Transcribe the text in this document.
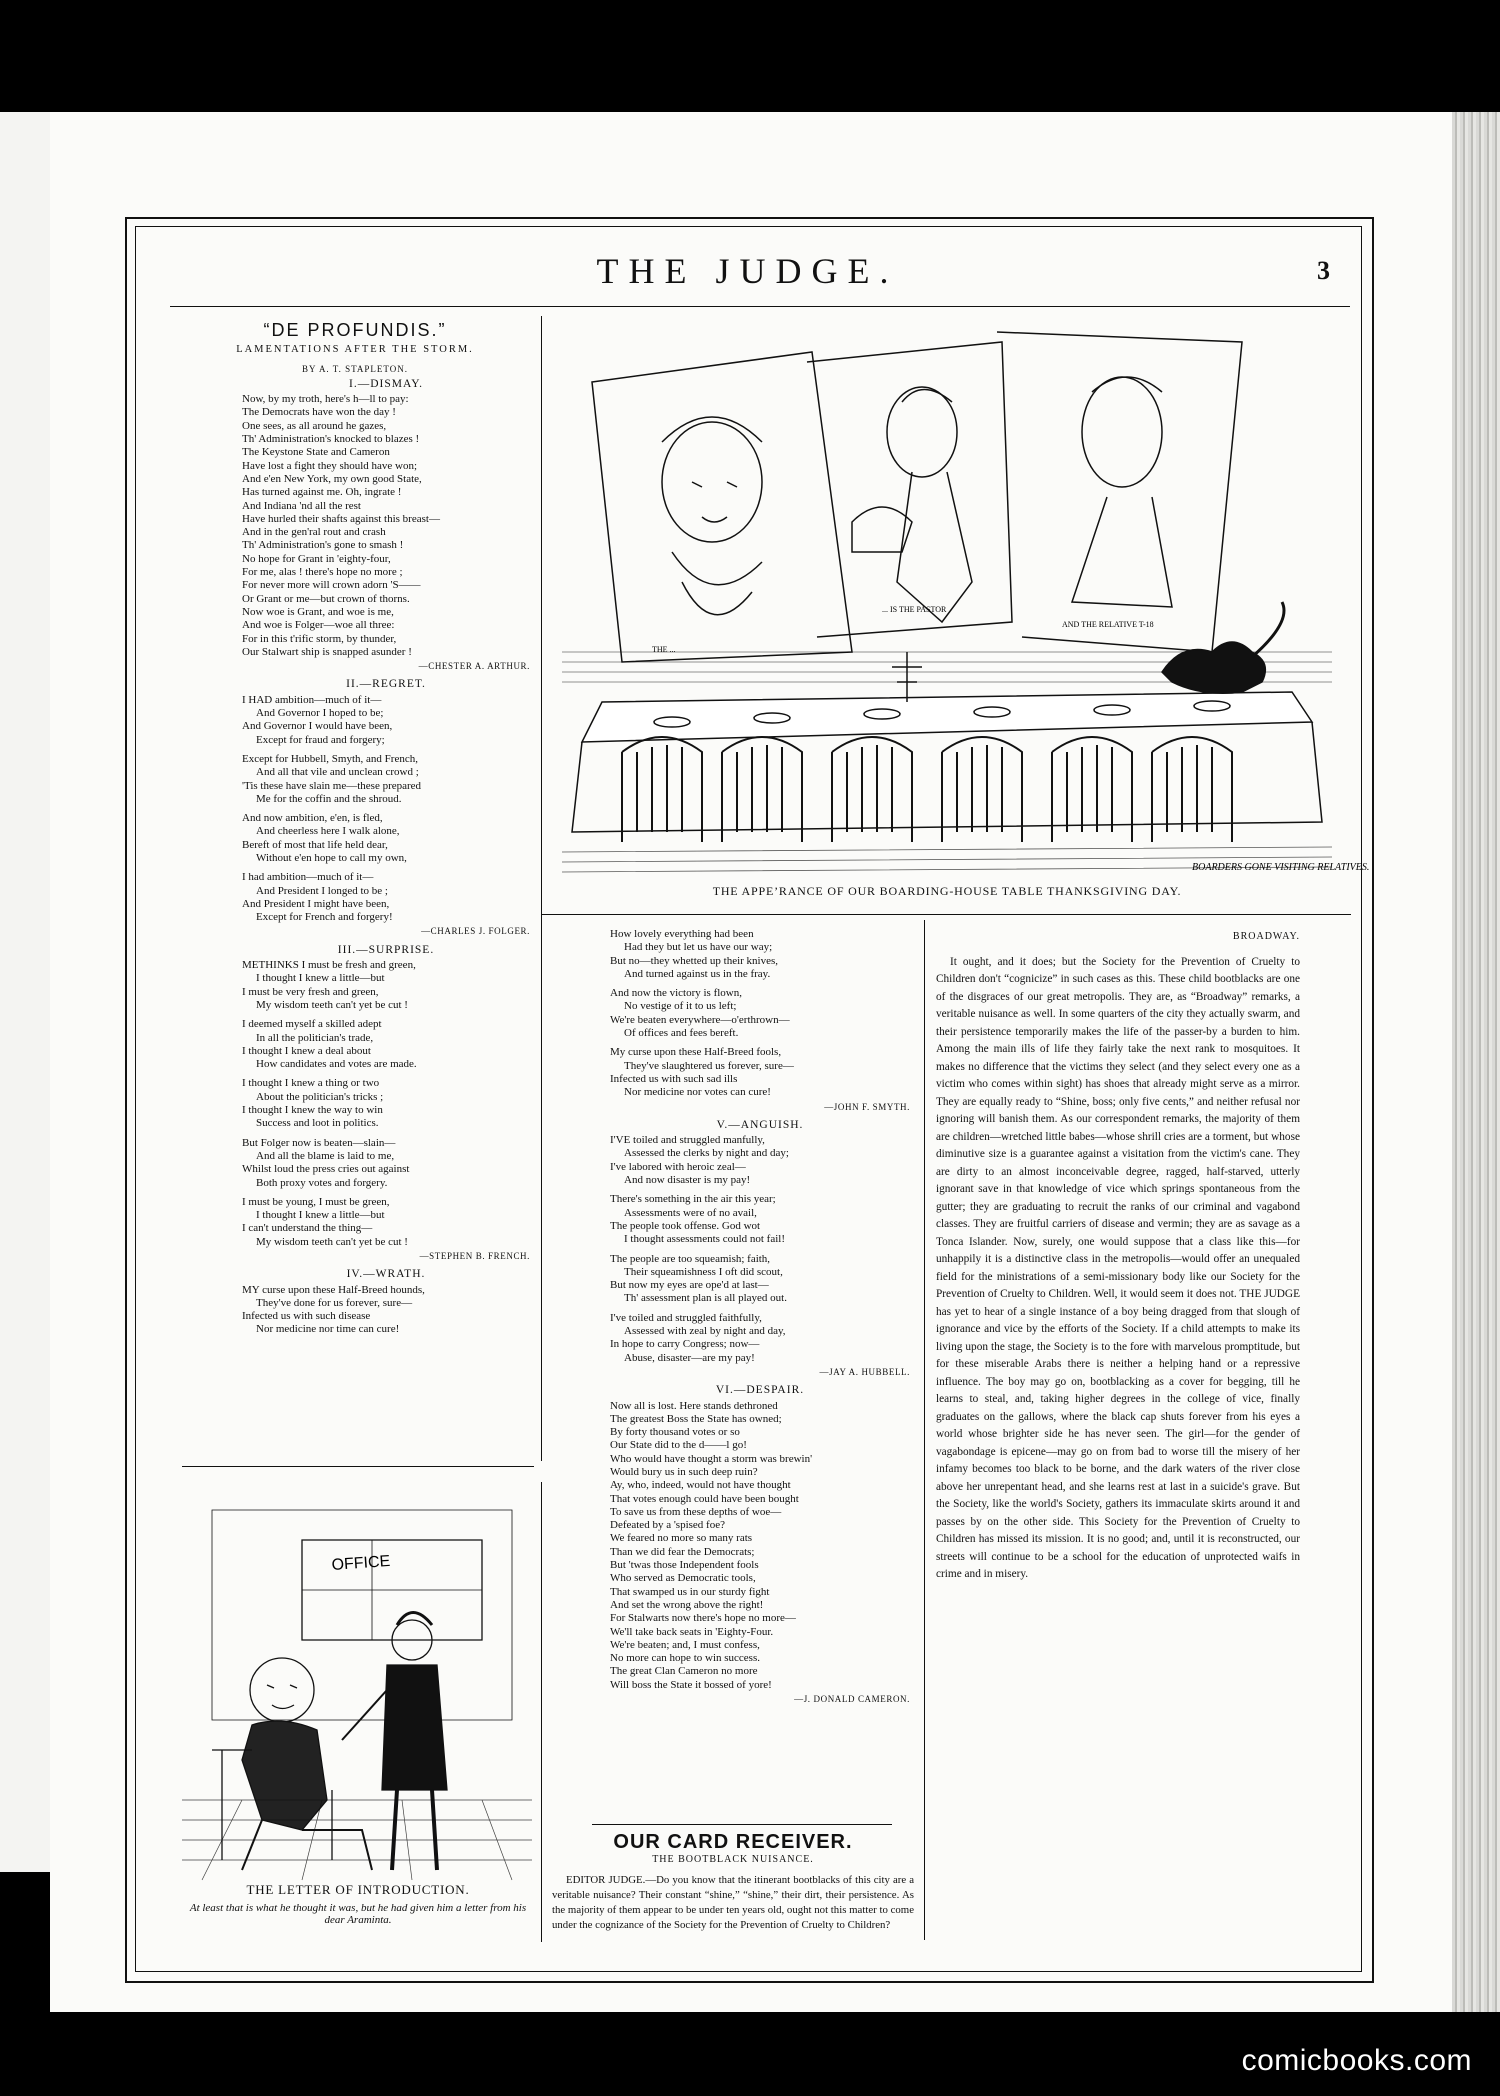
THE JUDGE.	3
“DE PROFUNDIS.”
LAMENTATIONS AFTER THE STORM.
BY A. T. STAPLETON.
I.—DISMAY.
Now, by my troth, here's h—ll to pay:
The Democrats have won the day !
One sees, as all around he gazes,
Th' Administration's knocked to blazes !
The Keystone State and Cameron
Have lost a fight they should have won;
And e'en New York, my own good State,
Has turned against me. Oh, ingrate !
And Indiana 'nd all the rest
Have hurled their shafts against this breast—
And in the gen'ral rout and crash
Th' Administration's gone to smash !
No hope for Grant in 'eighty-four,
For me, alas ! there's hope no more ;
For never more will crown adorn 'S——
Or Grant or me—but crown of thorns.
Now woe is Grant, and woe is me,
And woe is Folger—woe all three:
For in this t'rific storm, by thunder,
Our Stalwart ship is snapped asunder !
—CHESTER A. ARTHUR.
II.—REGRET.
I HAD ambition—much of it—
And Governor I hoped to be;
And Governor I would have been,
Except for fraud and forgery;
Except for Hubbell, Smyth, and French,
And all that vile and unclean crowd ;
'Tis these have slain me—these prepared
Me for the coffin and the shroud.
And now ambition, e'en, is fled,
And cheerless here I walk alone,
Bereft of most that life held dear,
Without e'en hope to call my own,
I had ambition—much of it—
And President I longed to be ;
And President I might have been,
Except for French and forgery!
—CHARLES J. FOLGER.
III.—SURPRISE.
METHINKS I must be fresh and green,
I thought I knew a little—but
I must be very fresh and green,
My wisdom teeth can't yet be cut !
I deemed myself a skilled adept
In all the politician's trade,
I thought I knew a deal about
How candidates and votes are made.
I thought I knew a thing or two
About the politician's tricks ;
I thought I knew the way to win
Success and loot in politics.
But Folger now is beaten—slain—
And all the blame is laid to me,
Whilst loud the press cries out against
Both proxy votes and forgery.
I must be young, I must be green,
I thought I knew a little—but
I can't understand the thing—
My wisdom teeth can't yet be cut !
—STEPHEN B. FRENCH.
IV.—WRATH.
MY curse upon these Half-Breed hounds,
They've done for us forever, sure—
Infected us with such disease
Nor medicine nor time can cure!
How lovely everything had been
Had they but let us have our way;
But no—they whetted up their knives,
And turned against us in the fray.
And now the victory is flown,
No vestige of it to us left;
We're beaten everywhere—o'erthrown—
Of offices and fees bereft.
My curse upon these Half-Breed fools,
They've slaughtered us forever, sure—
Infected us with such sad ills
Nor medicine nor votes can cure!
—JOHN F. SMYTH.
V.—ANGUISH.
I'VE toiled and struggled manfully,
Assessed the clerks by night and day;
I've labored with heroic zeal—
And now disaster is my pay!
There's something in the air this year;
Assessments were of no avail,
The people took offense. God wot
I thought assessments could not fail!
The people are too squeamish; faith,
Their squeamishness I oft did scout,
But now my eyes are ope'd at last—
Th' assessment plan is all played out.
I've toiled and struggled faithfully,
Assessed with zeal by night and day,
In hope to carry Congress; now—
Abuse, disaster—are my pay!
—JAY A. HUBBELL.
VI.—DESPAIR.
Now all is lost. Here stands dethroned
The greatest Boss the State has owned;
By forty thousand votes or so
Our State did to the d——l go!
Who would have thought a storm was brewin'
Would bury us in such deep ruin?
Ay, who, indeed, would not have thought
That votes enough could have been bought
To save us from these depths of woe—
Defeated by a 'spised foe?
We feared no more so many rats
Than we did fear the Democrats;
But 'twas those Independent fools
Who served as Democratic tools,
That swamped us in our sturdy fight
And set the wrong above the right!
For Stalwarts now there's hope no more—
We'll take back seats in 'Eighty-Four.
We're beaten; and, I must confess,
No more can hope to win success.
The great Clan Cameron no more
Will boss the State it bossed of yore!
—J. DONALD CAMERON.
OUR CARD RECEIVER.
THE BOOTBLACK NUISANCE.
EDITOR JUDGE.—Do you know that the itinerant bootblacks of this city are a veritable nuisance? Their constant “shine,” “shine,” their dirt, their persistence. As the majority of them appear to be under ten years old, ought not this matter to come under the cognizance of the Society for the Prevention of Cruelty to Children?

BROADWAY.

It ought, and it does; but the Society for the Prevention of Cruelty to Children don't “cognicize” in such cases as this. These child bootblacks are one of the disgraces of our great metropolis. They are, as “Broadway” remarks, a veritable nuisance as well. In some quarters of the city they actually swarm, and their persistence temporarily makes the life of the passer-by a burden to him. Among the main ills of life they fairly take the next rank to mosquitoes. It makes no difference that the victims they select (and they select every one as a victim who comes within sight) has shoes that already might serve as a mirror. They are equally ready to “Shine, boss; only five cents,” and neither refusal nor ignoring will banish them. As our correspondent remarks, the majority of them are children—wretched little babes—whose shrill cries are a torment, but whose diminutive size is a guarantee against a visitation from the victim's cane. They are dirty to an almost inconceivable degree, ragged, half-starved, utterly ignorant save in that knowledge of vice which springs spontaneous from the gutter; they are graduating to recruit the ranks of our criminal and vagabond classes. They are fruitful carriers of disease and vermin; they are as savage as a Tonca Islander. Now, surely, one would suppose that a class like this—for unhappily it is a distinctive class in the metropolis—would offer an unequaled field for the ministrations of a semi-missionary body like our Society for the Prevention of Cruelty to Children. Well, it would seem it does not. THE JUDGE has yet to hear of a single instance of a boy being dragged from that slough of ignorance and vice by the efforts of the Society. If a child attempts to make its living upon the stage, the Society is to the fore with marvelous promptitude, but for these miserable Arabs there is neither a helping hand or a repressive influence. The boy may go on, bootblacking as a cover for begging, till he learns to steal, and, taking higher degrees in the college of vice, finally graduates on the gallows, where the black cap shuts forever from his eyes a world whose brighter side he has never seen. The girl—for the gender of vagabondage is epicene—may go on from bad to worse till the misery of her infamy becomes too black to be borne, and the dark waters of the river close above her unrepentant head, and she learns rest at last in a suicide's grave. But the Society, like the world's Society, gathers its immaculate skirts around it and passes by on the other side. This Society for the Prevention of Cruelty to Children has missed its mission. It is no good; and, until it is reconstructed, our streets will continue to be a school for the education of unprotected waifs in crime and in misery.

BOARDERS GONE VISITING RELATIVES.
THE ...
... IS THE PASTOR
AND THE RELATIVE T-18
THE APPE’RANCE OF OUR BOARDING-HOUSE TABLE THANKSGIVING DAY.
OFFICE
THE LETTER OF INTRODUCTION.
At least that is what he thought it was, but he had given him a letter from his dear Araminta.
comicbooks.com
